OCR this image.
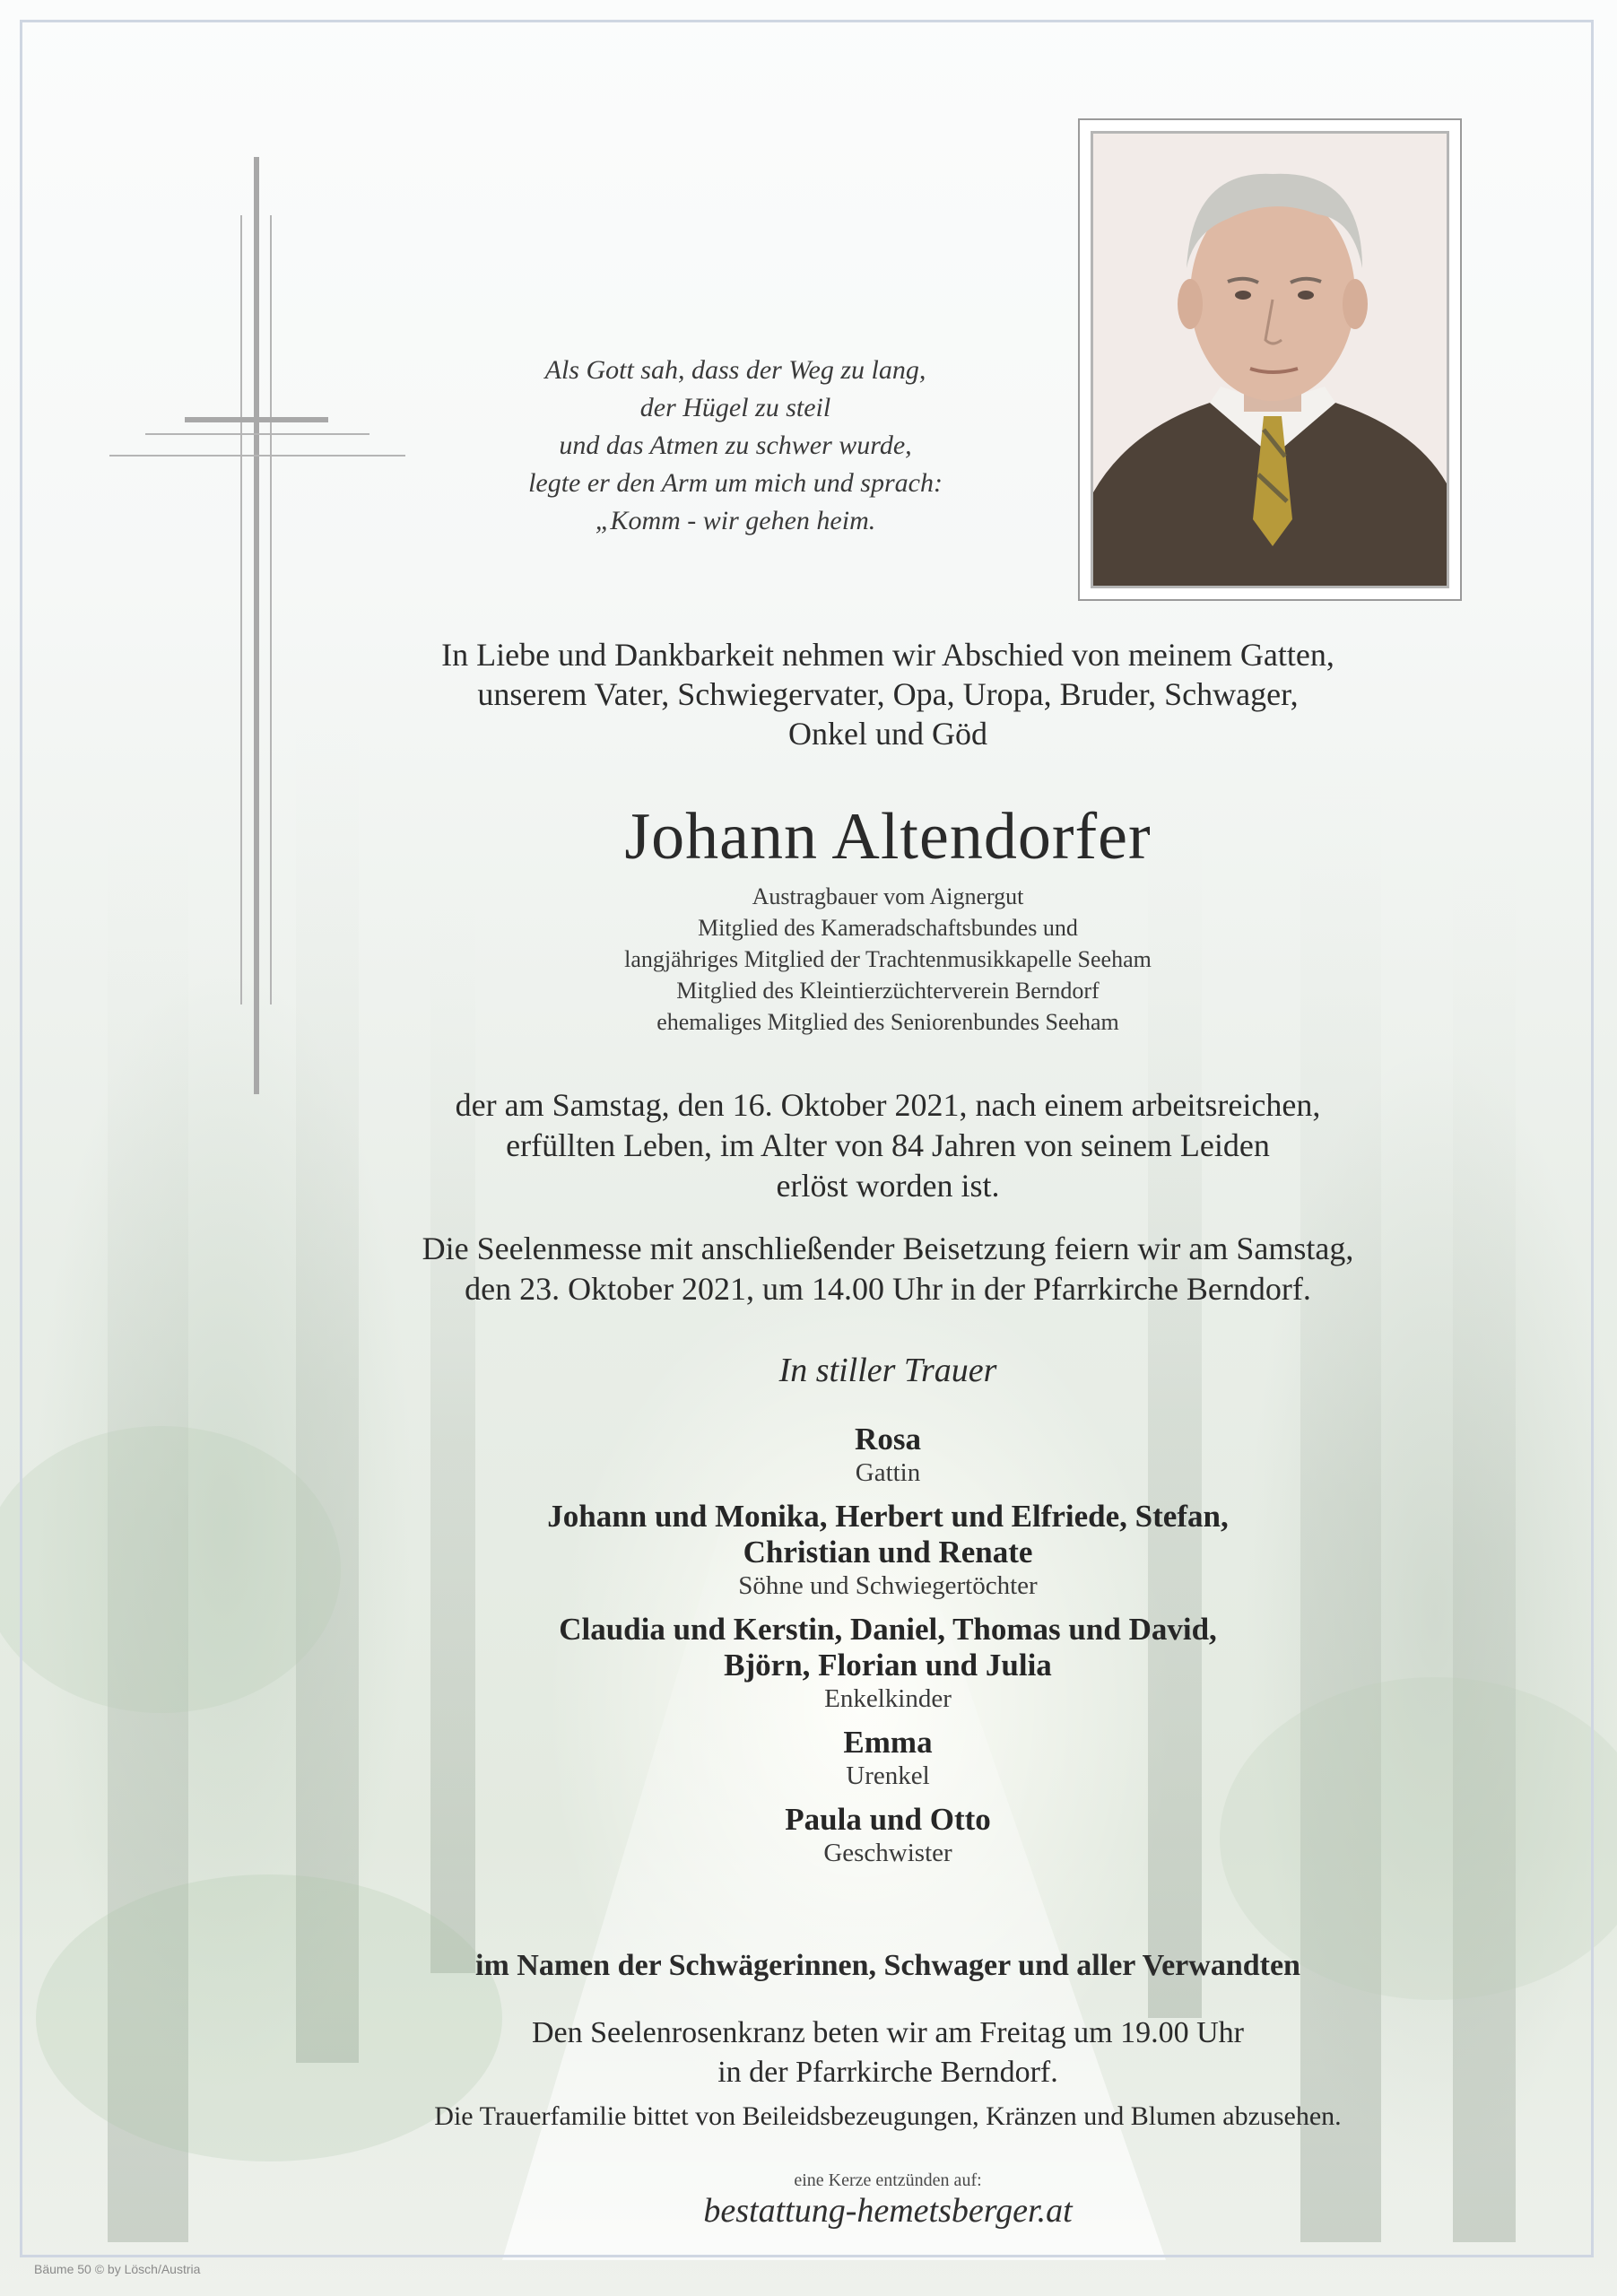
Als Gott sah, dass der Weg zu lang,
der Hügel zu steil
und das Atmen zu schwer wurde,
legte er den Arm um mich und sprach:
„Komm - wir gehen heim.
In Liebe und Dankbarkeit nehmen wir Abschied von meinem Gatten,
unserem Vater, Schwiegervater, Opa, Uropa, Bruder, Schwager,
Onkel und Göd
Johann Altendorfer
Austragbauer vom Aignergut
Mitglied des Kameradschaftsbundes und
langjähriges Mitglied der Trachtenmusikkapelle Seeham
Mitglied des Kleintierzüchterverein Berndorf
ehemaliges Mitglied des Seniorenbundes Seeham
der am Samstag, den 16. Oktober 2021, nach einem arbeitsreichen,
erfüllten Leben, im Alter von 84 Jahren von seinem Leiden
erlöst worden ist.
Die Seelenmesse mit anschließender Beisetzung feiern wir am Samstag,
den 23. Oktober 2021, um 14.00 Uhr in der Pfarrkirche Berndorf.
In stiller Trauer
Rosa
Gattin
Johann und Monika, Herbert und Elfriede, Stefan,
Christian und Renate
Söhne und Schwiegertöchter
Claudia und Kerstin, Daniel, Thomas und David,
Björn, Florian und Julia
Enkelkinder
Emma
Urenkel
Paula und Otto
Geschwister
im Namen der Schwägerinnen, Schwager und aller Verwandten
Den Seelenrosenkranz beten wir am Freitag um 19.00 Uhr
in der Pfarrkirche Berndorf.
Die Trauerfamilie bittet von Beileidsbezeugungen, Kränzen und Blumen abzusehen.
eine Kerze entzünden auf:
bestattung-hemetsberger.at
Bäume 50 © by Lösch/Austria
